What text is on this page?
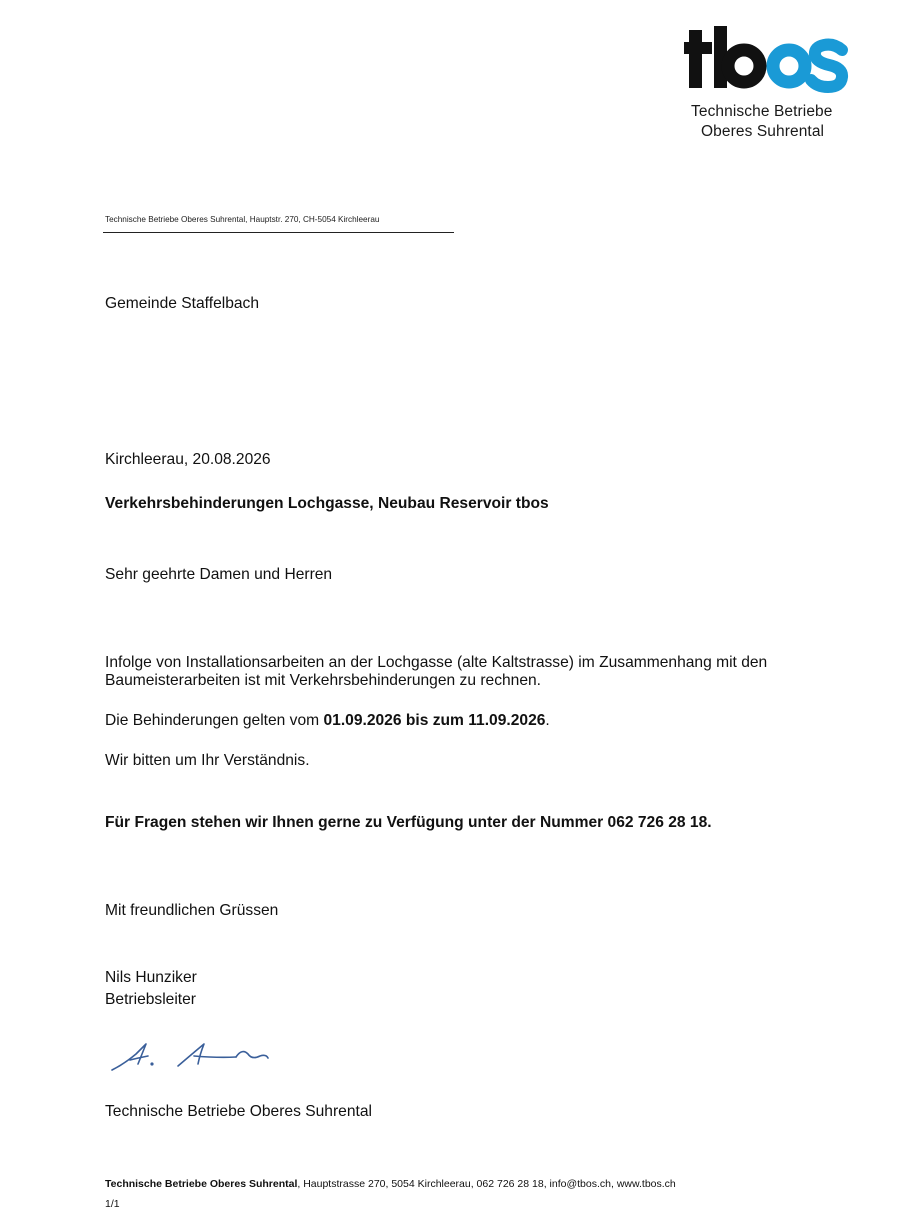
Technische Betriebe
Oberes Suhrental
Technische Betriebe Oberes Suhrental, Hauptstr. 270, CH-5054 Kirchleerau
Gemeinde Staffelbach
Kirchleerau, 20.08.2026
Verkehrsbehinderungen Lochgasse, Neubau Reservoir tbos
Sehr geehrte Damen und Herren
Infolge von Installationsarbeiten an der Lochgasse (alte Kaltstrasse) im Zusammenhang mit den
Baumeisterarbeiten ist mit Verkehrsbehinderungen zu rechnen.
Die Behinderungen gelten vom 01.09.2026 bis zum 11.09.2026.
Wir bitten um Ihr Verständnis.
Für Fragen stehen wir Ihnen gerne zu Verfügung unter der Nummer 062 726 28 18.
Mit freundlichen Grüssen
Nils Hunziker
Betriebsleiter
Technische Betriebe Oberes Suhrental
Technische Betriebe Oberes Suhrental, Hauptstrasse 270, 5054 Kirchleerau, 062 726 28 18, info@tbos.ch, www.tbos.ch
1/1
